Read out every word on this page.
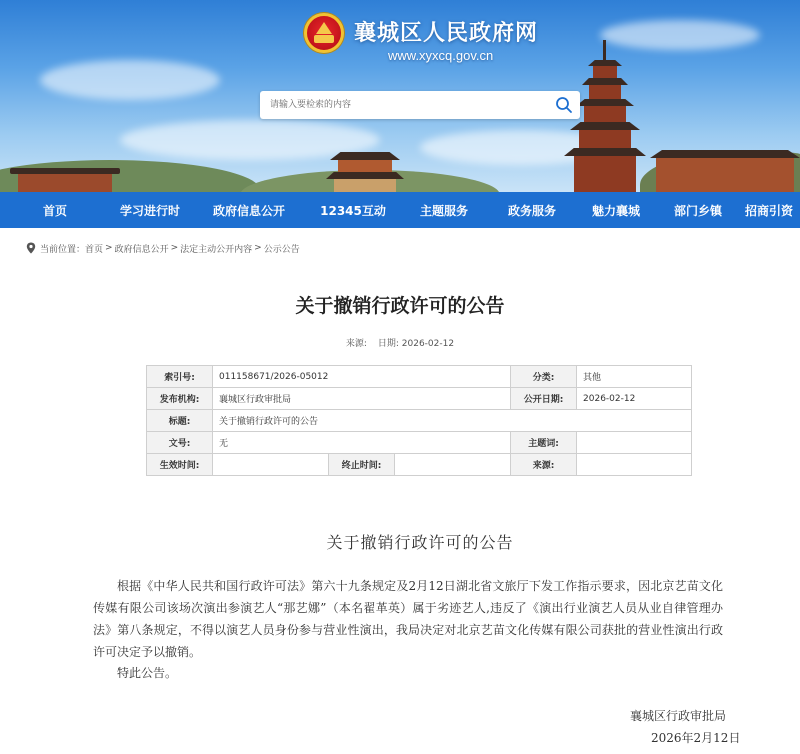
襄城区人民政府网
www.xyxcq.gov.cn
请输入要检索的内容
首页	学习进行时	政府信息公开	12345互动	主题服务	政务服务	魅力襄城	部门乡镇	招商引资
当前位置： 首页 > 政府信息公开 > 法定主动公开内容 > 公示公告
关于撤销行政许可的公告
来源: 日期: 2026-02-12
索引号:	011158671/2026-05012			分类:	其他
发布机构:	襄城区行政审批局			公开日期:	2026-02-12
标题:	关于撤销行政许可的公告				
文号:	无			主题词:	
生效时间:		终止时间:		来源:	
关于撤销行政许可的公告
根据《中华人民共和国行政许可法》第六十九条规定及2月12日湖北省文旅厅下发工作指示要求，因北京艺苗文化传媒有限公司该场次演出参演艺人“那艺娜”（本名翟革英）属于劣迹艺人,违反了《演出行业演艺人员从业自律管理办法》第八条规定，不得以演艺人员身份参与营业性演出，我局决定对北京艺苗文化传媒有限公司获批的营业性演出行政许可决定予以撤销。
特此公告。
襄城区行政审批局
2026年2月12日
